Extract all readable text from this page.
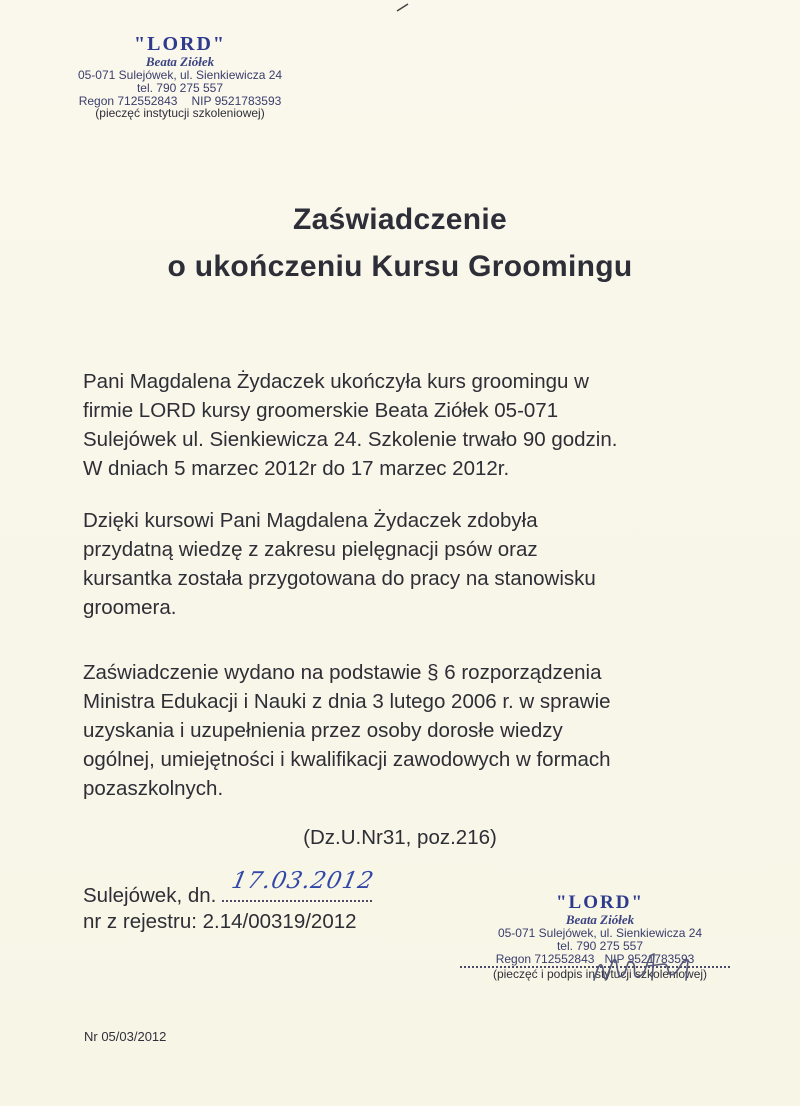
"LORD"
Beata Ziółek
05-071 Sulejówek, ul. Sienkiewicza 24
tel. 790 275 557
Regon 712552843 NIP 9521783593
(pieczęć instytucji szkoleniowej)
Zaświadczenie
o ukończeniu Kursu Groomingu
Pani Magdalena Żydaczek ukończyła kurs groomingu w
firmie LORD kursy groomerskie Beata Ziółek 05-071
Sulejówek ul. Sienkiewicza 24. Szkolenie trwało 90 godzin.
W dniach 5 marzec 2012r do 17 marzec 2012r.
Dzięki kursowi Pani Magdalena Żydaczek zdobyła
przydatną wiedzę z zakresu pielęgnacji psów oraz
kursantka została przygotowana do pracy na stanowisku
groomera.
Zaświadczenie wydano na podstawie § 6 rozporządzenia
Ministra Edukacji i Nauki z dnia 3 lutego 2006 r. w sprawie
uzyskania i uzupełnienia przez osoby dorosłe wiedzy
ogólnej, umiejętności i kwalifikacji zawodowych w formach
pozaszkolnych.
(Dz.U.Nr31, poz.216)
Sulejówek, dn.
17.03.2012
nr z rejestru: 2.14/00319/2012
"LORD"
Beata Ziółek
05-071 Sulejówek, ul. Sienkiewicza 24
tel. 790 275 557
Regon 712552843 NIP 9521783593
(pieczęć i podpis instytucji szkoleniowej)
Nr 05/03/2012
